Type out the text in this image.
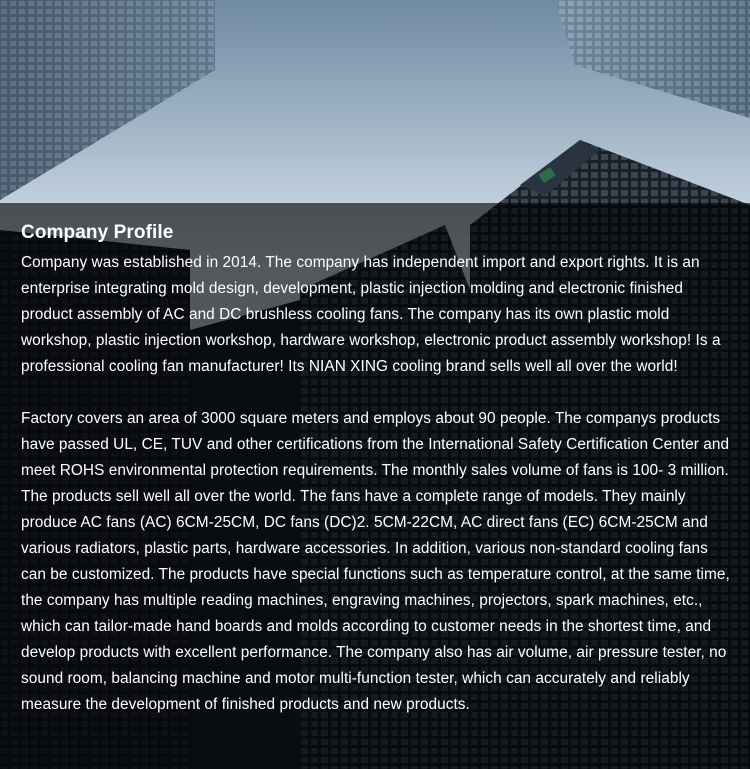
Company Profile

Company was established in 2014. The company has independent import and export rights. It is an enterprise integrating mold design, development, plastic injection molding and electronic finished product assembly of AC and DC brushless cooling fans. The company has its own plastic mold workshop, plastic injection workshop, hardware workshop, electronic product assembly workshop! Is a professional cooling fan manufacturer! Its NIAN XING cooling brand sells well all over the world!

Factory covers an area of 3000 square meters and employs about 90 people. The companys products have passed UL, CE, TUV and other certifications from the International Safety Certification Center and meet ROHS environmental protection requirements. The monthly sales volume of fans is 100- 3 million. The products sell well all over the world. The fans have a complete range of models. They mainly produce AC fans (AC) 6CM-25CM, DC fans (DC)2. 5CM-22CM, AC direct fans (EC) 6CM-25CM and various radiators, plastic parts, hardware accessories. In addition, various non-standard cooling fans can be customized. The products have special functions such as temperature control, at the same time, the company has multiple reading machines, engraving machines, projectors, spark machines, etc., which can tailor-made hand boards and molds according to customer needs in the shortest time, and develop products with excellent performance. The company also has air volume, air pressure tester, no sound room, balancing machine and motor multi-function tester, which can accurately and reliably measure the development of finished products and new products.
